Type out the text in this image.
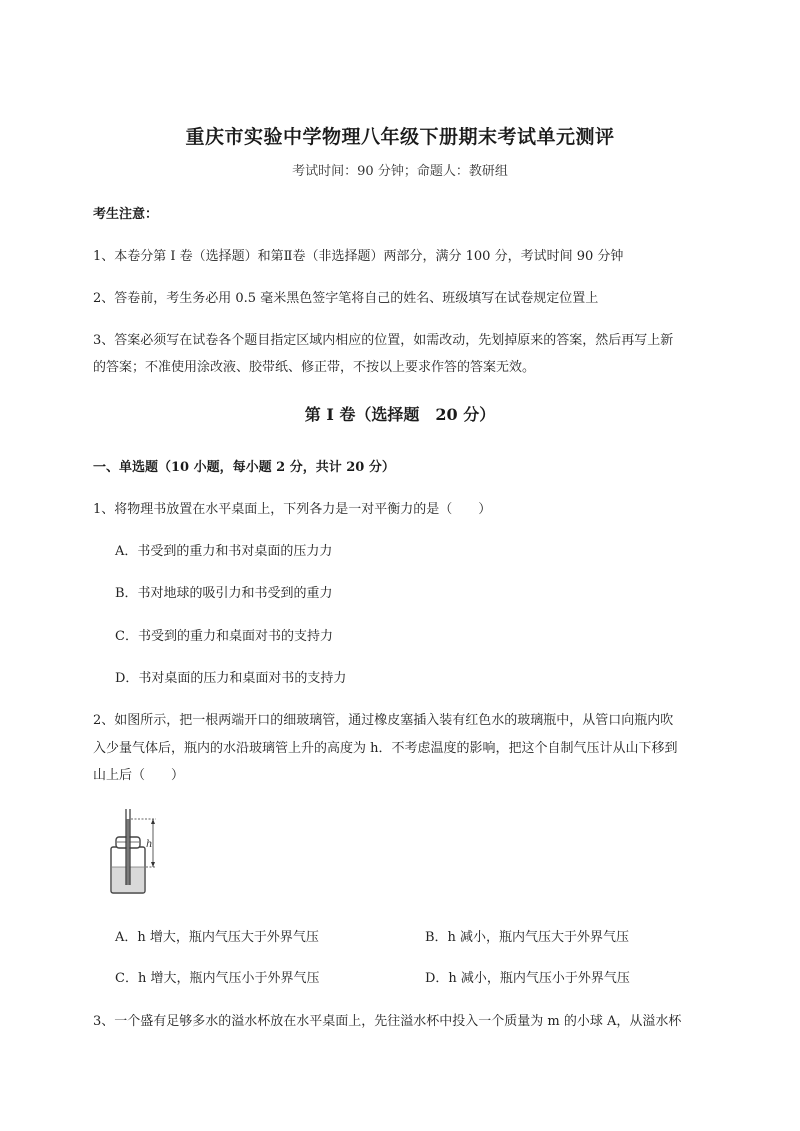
重庆市实验中学物理八年级下册期末考试单元测评
考试时间：90 分钟；命题人：教研组
考生注意：
1、本卷分第 I 卷（选择题）和第Ⅱ卷（非选择题）两部分，满分 100 分，考试时间 90 分钟
2、答卷前，考生务必用 0.5 毫米黑色签字笔将自己的姓名、班级填写在试卷规定位置上
3、答案必须写在试卷各个题目指定区域内相应的位置，如需改动，先划掉原来的答案，然后再写上新
的答案；不准使用涂改液、胶带纸、修正带，不按以上要求作答的答案无效。
第 I 卷（选择题　20 分）
一、单选题（10 小题，每小题 2 分，共计 20 分）
1、将物理书放置在水平桌面上，下列各力是一对平衡力的是（　　）
A．书受到的重力和书对桌面的压力力
B．书对地球的吸引力和书受到的重力
C．书受到的重力和桌面对书的支持力
D．书对桌面的压力和桌面对书的支持力
2、如图所示，把一根两端开口的细玻璃管，通过橡皮塞插入装有红色水的玻璃瓶中，从管口向瓶内吹
入少量气体后，瓶内的水沿玻璃管上升的高度为 h．不考虑温度的影响，把这个自制气压计从山下移到
山上后（　　）
h
A．h 增大，瓶内气压大于外界气压	B．h 减小，瓶内气压大于外界气压
C．h 增大，瓶内气压小于外界气压	D．h 减小，瓶内气压小于外界气压
3、一个盛有足够多水的溢水杯放在水平桌面上，先往溢水杯中投入一个质量为 m 的小球 A，从溢水杯
